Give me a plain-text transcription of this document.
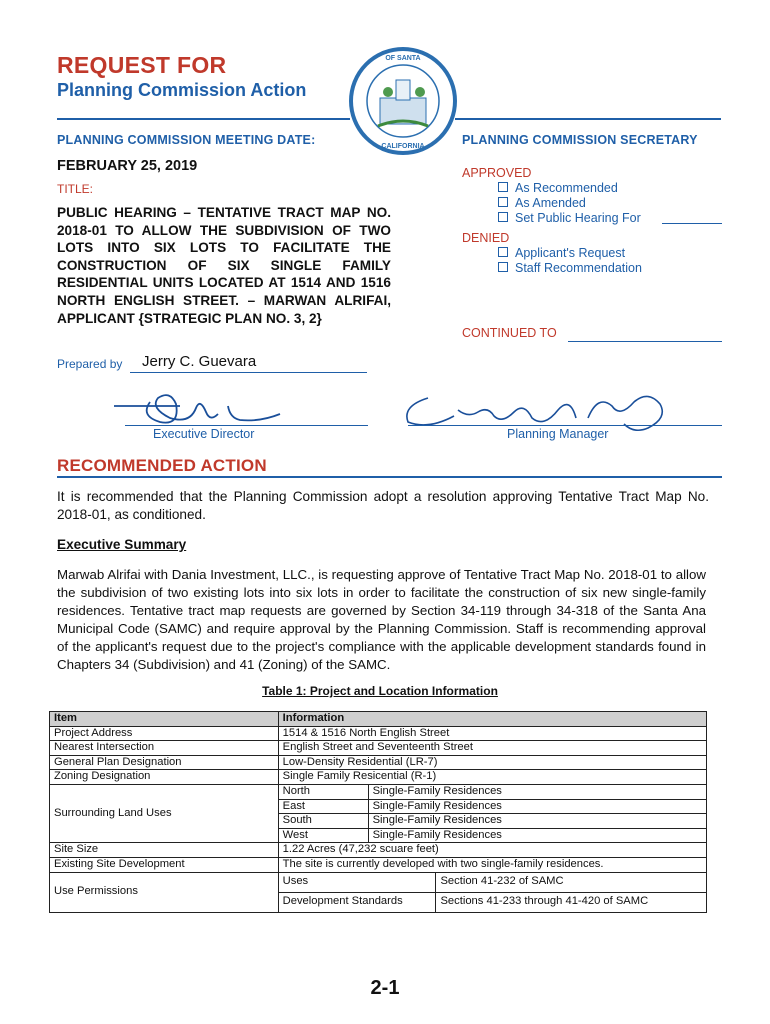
REQUEST FOR
Planning Commission Action
OF SANTA
CALIFORNIA
PLANNING COMMISSION MEETING DATE:	PLANNING COMMISSION SECRETARY
FEBRUARY 25, 2019
TITLE:
PUBLIC HEARING – TENTATIVE TRACT MAP NO. 2018-01 TO ALLOW THE SUBDIVISION OF TWO LOTS INTO SIX LOTS TO FACILITATE THE CONSTRUCTION OF SIX SINGLE FAMILY RESIDENTIAL UNITS LOCATED AT 1514 AND 1516 NORTH ENGLISH STREET. – MARWAN ALRIFAI, APPLICANT {STRATEGIC PLAN NO. 3, 2}
Prepared by Jerry C. Guevara
APPROVED
As Recommended
As Amended
Set Public Hearing For
DENIED
Applicant's Request
Staff Recommendation
CONTINUED TO
Executive Director	Planning Manager
RECOMMENDED ACTION
It is recommended that the Planning Commission adopt a resolution approving Tentative Tract Map No. 2018-01, as conditioned.
Executive Summary
Marwab Alrifai with Dania Investment, LLC., is requesting approve of Tentative Tract Map No. 2018-01 to allow the subdivision of two existing lots into six lots in order to facilitate the construction of six new single-family residences. Tentative tract map requests are governed by Section 34-119 through 34-318 of the Santa Ana Municipal Code (SAMC) and require approval by the Planning Commission. Staff is recommending approval of the applicant's request due to the project's compliance with the applicable development standards found in Chapters 34 (Subdivision) and 41 (Zoning) of the SAMC.
Table 1: Project and Location Information
Item	Information		
Project Address	1514 & 1516 North English Street		
Nearest Intersection	English Street and Seventeenth Street		
General Plan Designation	Low-Density Residential (LR-7)		
Zoning Designation	Single Family Resicential (R-1)		
Surrounding Land Uses	North	Single-Family Residences	
	East	Single-Family Residences	
	South	Single-Family Residences	
	West	Single-Family Residences	
Site Size	1.22 Acres (47,232 scuare feet)		
Existing Site Development	The site is currently developed with two single-family residences.		
Use Permissions	Uses		Section 41-232 of SAMC
	Development Standards		Sections 41-233 through 41-420 of SAMC
2-1
